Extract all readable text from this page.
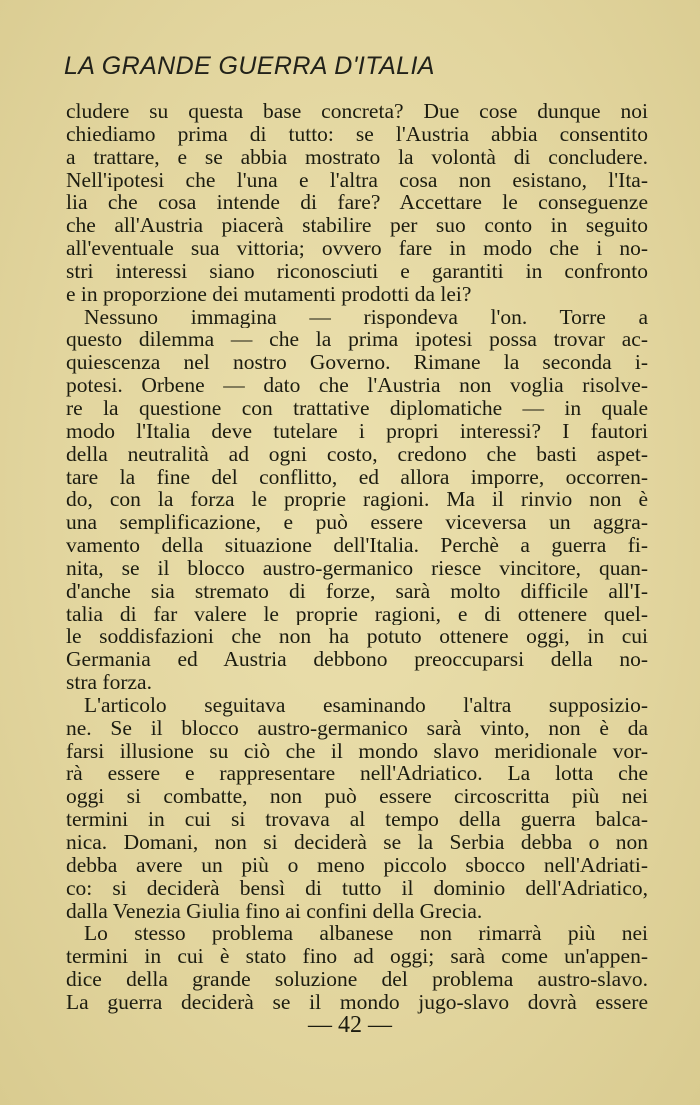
LA GRANDE GUERRA D'ITALIA
cludere su questa base concreta? Due cose dunque noi
chiediamo prima di tutto: se l'Austria abbia consentito
a trattare, e se abbia mostrato la volontà di concludere.
Nell'ipotesi che l'una e l'altra cosa non esistano, l'Ita-
lia che cosa intende di fare? Accettare le conseguenze
che all'Austria piacerà stabilire per suo conto in seguito
all'eventuale sua vittoria; ovvero fare in modo che i no-
stri interessi siano riconosciuti e garantiti in confronto
e in proporzione dei mutamenti prodotti da lei?
Nessuno immagina — rispondeva l'on. Torre a
questo dilemma — che la prima ipotesi possa trovar ac-
quiescenza nel nostro Governo. Rimane la seconda i-
potesi. Orbene — dato che l'Austria non voglia risolve-
re la questione con trattative diplomatiche — in quale
modo l'Italia deve tutelare i propri interessi? I fautori
della neutralità ad ogni costo, credono che basti aspet-
tare la fine del conflitto, ed allora imporre, occorren-
do, con la forza le proprie ragioni. Ma il rinvio non è
una semplificazione, e può essere viceversa un aggra-
vamento della situazione dell'Italia. Perchè a guerra fi-
nita, se il blocco austro-germanico riesce vincitore, quan-
d'anche sia stremato di forze, sarà molto difficile all'I-
talia di far valere le proprie ragioni, e di ottenere quel-
le soddisfazioni che non ha potuto ottenere oggi, in cui
Germania ed Austria debbono preoccuparsi della no-
stra forza.
L'articolo seguitava esaminando l'altra supposizio-
ne. Se il blocco austro-germanico sarà vinto, non è da
farsi illusione su ciò che il mondo slavo meridionale vor-
rà essere e rappresentare nell'Adriatico. La lotta che
oggi si combatte, non può essere circoscritta più nei
termini in cui si trovava al tempo della guerra balca-
nica. Domani, non si deciderà se la Serbia debba o non
debba avere un più o meno piccolo sbocco nell'Adriati-
co: si deciderà bensì di tutto il dominio dell'Adriatico,
dalla Venezia Giulia fino ai confini della Grecia.
Lo stesso problema albanese non rimarrà più nei
termini in cui è stato fino ad oggi; sarà come un'appen-
dice della grande soluzione del problema austro-slavo.
La guerra deciderà se il mondo jugo-slavo dovrà essere
— 42 —
